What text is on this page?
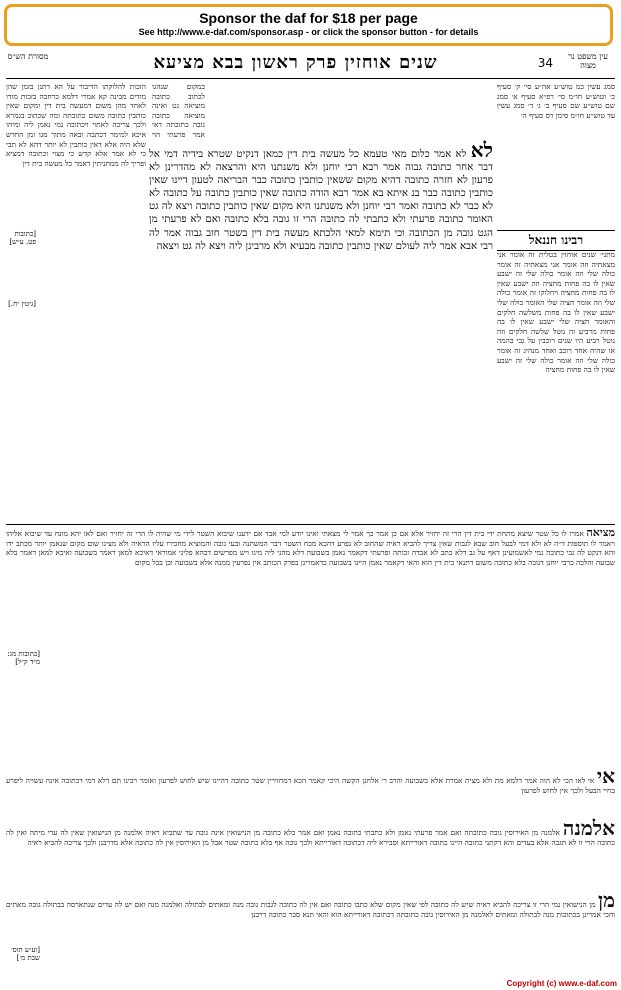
Sponsor the daf for $18 per page
See http://www.e-daf.com/sponsor.asp - or click the sponsor button - for details
עין משפט נר מצוה
34
שנים אוחזין פרק ראשון בבא מציעא
מסורת הש״ס
סמג עשין כמ טוש״ע אה״ע סי׳ ק׳ סעיף ב׳ וטוש״ע חו״מ סי׳ רפ״א סעיף א׳ סמג שם טוש״ע שם סעיף ב׳ ג׳ ד׳ סמג עשין עד טוש״ע חו״מ סימן רס סעיף ה׳
רבינו חננאל
מתני׳ שנים אוחזין בטלית זה אומר אני מצאתיה וזה אומר אני מצאתיה זה אומר כולה שלי וזה אומר כולה שלי זה ישבע שאין לו בה פחות מחציה וזה ישבע שאין לו בה פחות מחציה ויחלוקו זה אומר כולה שלי וזה אומר חציה שלי האומר כולה שלי ישבע שאין לו בה פחות משלשה חלקים והאומר חציה שלי ישבע שאין לו בה פחות מרביע זה נוטל שלשה חלקים וזה נוטל רביע היו שנים רוכבין על גבי בהמה או שהיה אחד רוכב ואחד מנהיג זה אומר כולה שלי וזה אומר כולה שלי זה ישבע שאין לו בה פחות מחציה
במקום שנהגו לכתוב כתובה מוציאה גט ואינה מוציאה כתובה גובה כתובתה דאי אמר פרעתי הוי
לא לא אמר כלום מאי טעמא כל מעשה בית דין כמאן דנקיט שטרא בידיה דמי אל דבר אחר כתובה גבוה אמר רבא רבי יוחנן ולא משנתנו היא והרצאה לא מהדרינן לא פרעון לא חזרה כתובה דהיא מקום ששאין כותבין כתובה כבר הבריאה לטעון דיינו שאין כותבין כתובה כבר בנ איתא בא אמר רבא הודה כתובה שאין כותבין כתובה על כתובה לא לא כבר לא כתובה ואמר רבי יוחנן ולא משנתנו היא מקום שאין כותבין כתובה ויצא לה גט האומר כתובה פרעתי ולא כתבתי לה כתובה הרי זו גובה בלא כתובה ואם לא פרעתי מן הגט גובה מן הכתובה וכי תימא למאי הלכתא מעשה בית דין בשטר חוב גבוה אמר לה רבי אבא אמר ליה לעולם שאין כותבין כתובה מבעיא ולא מרבינן ליה ויצא לה גט ויצאה
הזכות להלוקתו הדיבור על הא דתנן בזמן שהן מודים מבינה קא אמרי דלמא כרחבה בזכות מודו לאחד מהן משום דמעשה בית דין ומקום שאין כותבין כתובה משום כתובתה ומה שכתוב בגמרא ולכך צריכה לאתוי ויכתובה נמי נאמן ליה ומיהו איכא למימר דכתבה ובאה מתוך מגו ומן החדש שלא היה אלא דאין כותבין לא יותר דהא לא תבי כי לא אמר אלא קדש כי מצוי וכתובה דמציא ופריך לה ממתניתין דאמר כל מעשה בית דין
[כתובות פט. ע״ש]
[גיטין יח.]
מציאה אמרו לו כל שטר שיצא מתחת ידי בית דין הרי זה יחזיר אלא אם כן אמר כך אמר לי מצאתי ואינו יודע למי אבד אם ידענו שיבוא השטר לידי מי שהיה לו הרי זה יחזיר ואם לאו יהא מונח עד שיבוא אליהו ויאמר לו תוספות ד״ה לא ולא דמי לבעל חוב שבא לגבות שאין צריך להביא ראיה שהחוב לא נפרע דהכא מכח השטר דבר המשתנה ובעי גובה והמוציא מחבירו עליו הראיה ולא מצינו שום מקום שנאמן יותר מכתב ידו והא דנקט לה גבי כתובה נמי לאשמועינן דאף על גב דלא כתב לא אבדה זכותה ופרעתי דקאמר נאמן בשבועה דלא מהני ליה מיגו ויש מפרשים דבהא פליגי אמוראי דאיכא למאן דאמר בשבועה ואיכא למאן דאמר בלא שבועה והלכה כרבי יוחנן דגובה בלא כתובה משום דתנאי בית דין הוא והאי דקאמר נאמן היינו בשבועה כדאמרינן בפרק הכותב אין נפרעין ממנה אלא בשבועה וכן בכל מקום
אי אי לאו הכי לא הוה אמר דלמא מת ולא מצית אמרת אלא בשבועה והרב ר׳ אלחנן הקשה היכי קאמר הכא דמחזירין שטר כתובה דהיינו שיש לחוש לפרעון ואומר רבינו תם דלא דמי דכתובה אינה עשויה ליפרע בחיי הבעל ולכך אין לחוש לפרעון
אלמנה אלמנה מן האירוסין גובה כתובתה ואם אמר פרעתי נאמן ולא כתבתי כתובה נאמן ואם אמר בלא כתובה מן הנישואין אינה גובה עד שתביא ראיה אלמנה מן הנישואין שאין לה עדי מיתה ואין לה כתובה הרי זו לא תגבה אלא בעדים והא דקתני כתובה היינו כתובה דאורייתא וסבירא ליה דכתובה דאורייתא ולכך גובה אף בלא כתובה שטר אבל מן האירוסין אין לה כתובה אלא מדרבנן ולכך צריכה להביא ראיה
מן מן הנישואין נמי הרי זו צריכה להביא ראיה שיש לה כתובה לפי שאין מקום שלא כתבו כתובה ואם אין לה כתובה לגבות גובה מנה ומאתים לבתולה ואלמנה מנה ואם יש לה עדים שנתארסה בבתולה גובה מאתים והכי אמרינן בכתובות מנה לבתולה ומאתים לאלמנה מן האירוסין גובה כתובתה דכתובה דאורייתא הוא והאי תנא סבר כתובה דרבנן
[כתובות מג: מ״ד ק״ל]
[וע״ע תוס׳ שבת מ׳]
Copyright (c) www.e-daf.com
